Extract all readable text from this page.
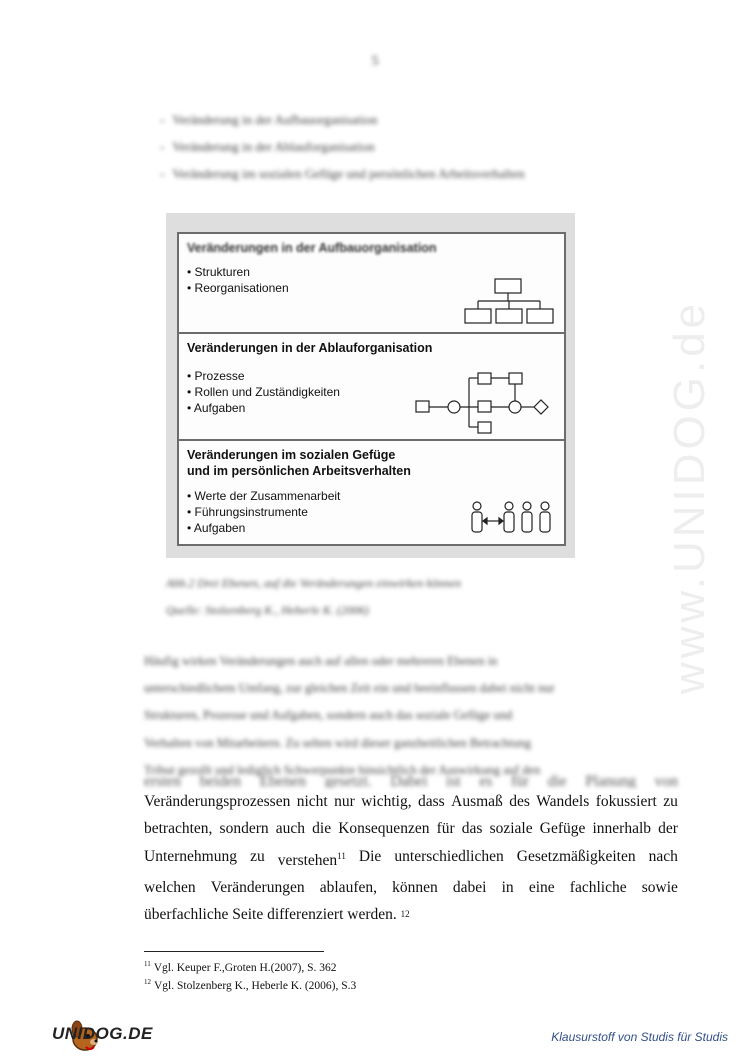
www.UNIDOG.de
5
- Veränderung in der Aufbauorganisation
- Veränderung in der Ablauforganisation
- Veränderung im sozialen Gefüge und persönlichen Arbeitsverhalten
Veränderungen in der Aufbauorganisation
• Strukturen
• Reorganisationen
Veränderungen in der Ablauforganisation
• Prozesse
• Rollen und Zuständigkeiten
• Aufgaben
Veränderungen im sozialen Gefüge
und im persönlichen Arbeitsverhalten
• Werte der Zusammenarbeit
• Führungsinstrumente
• Aufgaben
Abb.2 Drei Ebenen, auf die Veränderungen einwirken können
Quelle: Stolzenberg K., Heberle K. (2006)
Häufig wirken Veränderungen auch auf allen oder mehreren Ebenen in
unterschiedlichem Umfang, zur gleichen Zeit ein und beeinflussen dabei nicht nur
Strukturen, Prozesse und Aufgaben, sondern auch das soziale Gefüge und
Verhalten von Mitarbeitern. Zu selten wird dieser ganzheitlichen Betrachtung
Tribut gezollt und lediglich Schwerpunkte hinsichtlich der Auswirkung auf den
ersten beiden Ebenen gesetzt. Dabei ist es für die Planung von
Veränderungsprozessen nicht nur wichtig, dass Ausmaß des Wandels fokussiert zu
betrachten, sondern auch die Konsequenzen für das soziale Gefüge innerhalb der
Unternehmung zu verstehen$^{11}$ Die unterschiedlichen Gesetzmäßigkeiten nach
welchen Veränderungen ablaufen, können dabei in eine fachliche sowie
überfachliche Seite differenziert werden.
12
$^{11}$ Vgl. Keuper F.,Groten H.(2007), S. 362
$^{12}$ Vgl. Stolzenberg K., Heberle K. (2006), S.3
UNIDOG.DE	Klausurstoff von Studis für Studis
